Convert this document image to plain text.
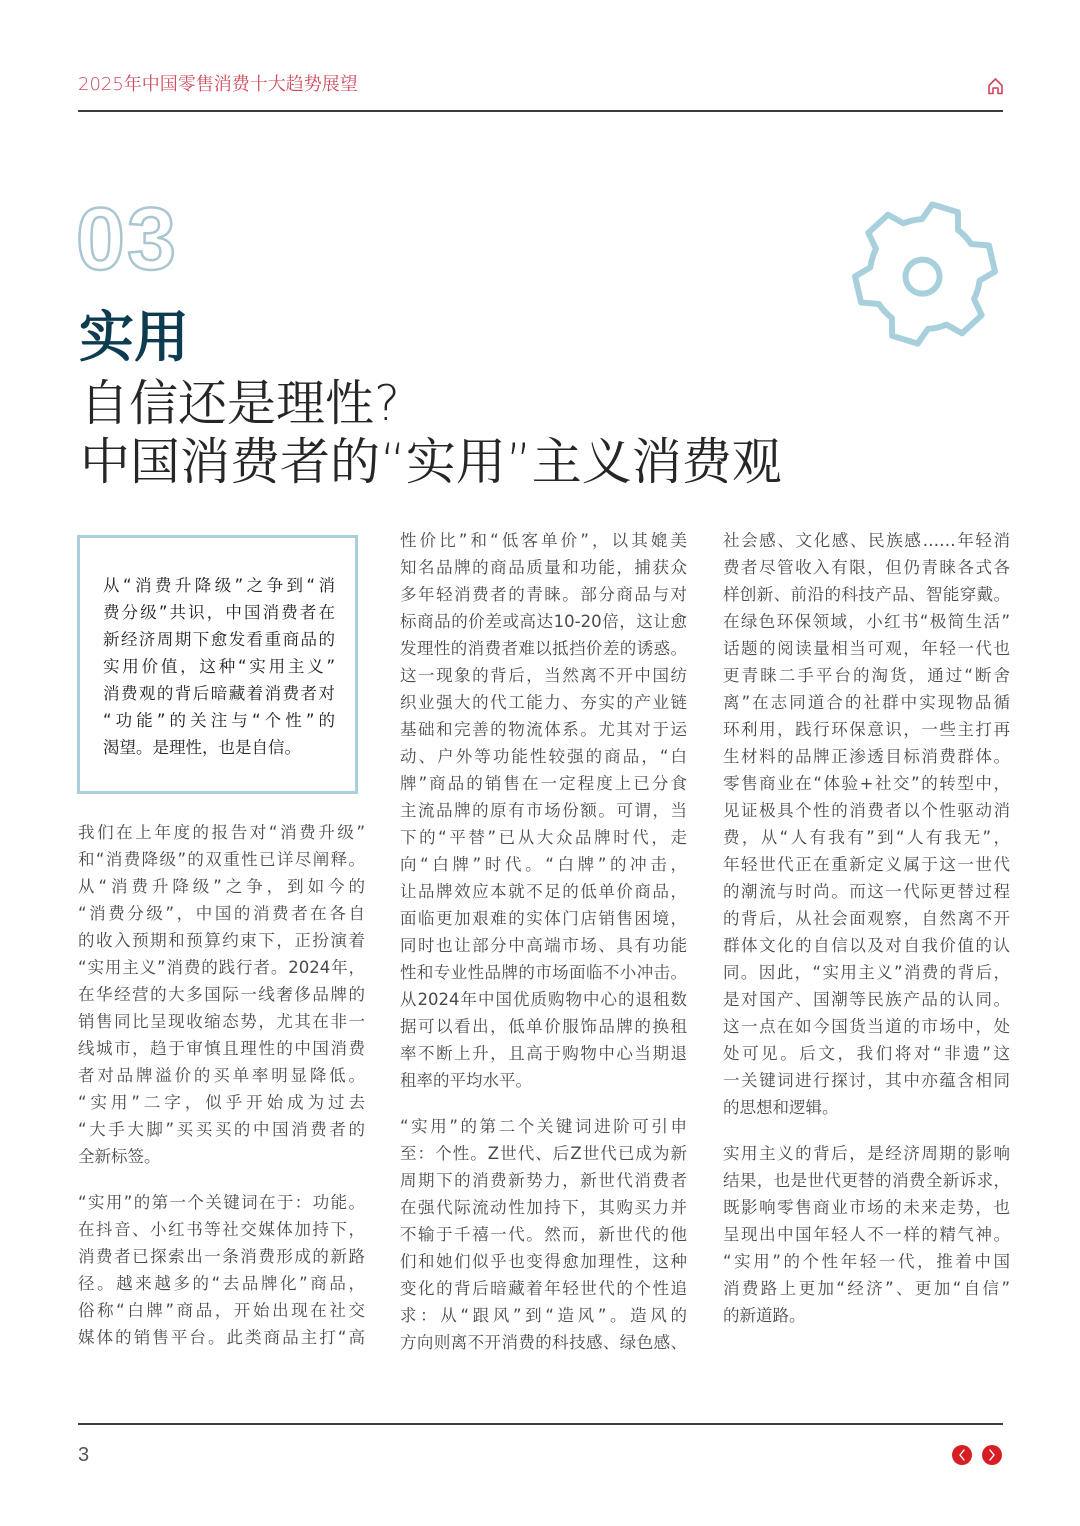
2025年中国零售消费十大趋势展望
03
实用
自信还是理性?
中国消费者的“实用”主义消费观
从“消费升降级”之争到“消
费分级”共识，中国消费者在
新经济周期下愈发看重商品的
实用价值，这种“实用主义”
消费观的背后暗藏着消费者对
“功能”的关注与“个性”的
渴望。是理性，也是自信。
我们在上年度的报告对“消费升级”
和“消费降级”的双重性已详尽阐释。
从“消费升降级”之争，到如今的
“消费分级”，中国的消费者在各自
的收入预期和预算约束下，正扮演着
“实用主义”消费的践行者。2024年，
在华经营的大多国际一线奢侈品牌的
销售同比呈现收缩态势，尤其在非一
线城市，趋于审慎且理性的中国消费
者对品牌溢价的买单率明显降低。
“实用”二字，似乎开始成为过去
“大手大脚”买买买的中国消费者的
全新标签。
“实用”的第一个关键词在于：功能。
在抖音、小红书等社交媒体加持下，
消费者已探索出一条消费形成的新路
径。越来越多的“去品牌化”商品，
俗称“白牌”商品，开始出现在社交
媒体的销售平台。此类商品主打“高
性价比”和“低客单价”，以其媲美
知名品牌的商品质量和功能，捕获众
多年轻消费者的青睐。部分商品与对
标商品的价差或高达10-20倍，这让愈
发理性的消费者难以抵挡价差的诱惑。
这一现象的背后，当然离不开中国纺
织业强大的代工能力、夯实的产业链
基础和完善的物流体系。尤其对于运
动、户外等功能性较强的商品，“白
牌”商品的销售在一定程度上已分食
主流品牌的原有市场份额。可谓，当
下的“平替”已从大众品牌时代，走
向“白牌”时代。“白牌”的冲击，
让品牌效应本就不足的低单价商品，
面临更加艰难的实体门店销售困境，
同时也让部分中高端市场、具有功能
性和专业性品牌的市场面临不小冲击。
从2024年中国优质购物中心的退租数
据可以看出，低单价服饰品牌的换租
率不断上升，且高于购物中心当期退
租率的平均水平。
“实用”的第二个关键词进阶可引申
至：个性。Z世代、后Z世代已成为新
周期下的消费新势力，新世代消费者
在强代际流动性加持下，其购买力并
不输于千禧一代。然而，新世代的他
们和她们似乎也变得愈加理性，这种
变化的背后暗藏着年轻世代的个性追
求：从“跟风”到“造风”。造风的
方向则离不开消费的科技感、绿色感、
社会感、文化感、民族感……年轻消
费者尽管收入有限，但仍青睐各式各
样创新、前沿的科技产品、智能穿戴。
在绿色环保领域，小红书“极简生活”
话题的阅读量相当可观，年轻一代也
更青睐二手平台的淘货，通过“断舍
离”在志同道合的社群中实现物品循
环利用，践行环保意识，一些主打再
生材料的品牌正渗透目标消费群体。
零售商业在“体验+社交”的转型中，
见证极具个性的消费者以个性驱动消
费，从“人有我有”到“人有我无”，
年轻世代正在重新定义属于这一世代
的潮流与时尚。而这一代际更替过程
的背后，从社会面观察，自然离不开
群体文化的自信以及对自我价值的认
同。因此，“实用主义”消费的背后，
是对国产、国潮等民族产品的认同。
这一点在如今国货当道的市场中，处
处可见。后文，我们将对“非遗”这
一关键词进行探讨，其中亦蕴含相同
的思想和逻辑。
实用主义的背后，是经济周期的影响
结果，也是世代更替的消费全新诉求，
既影响零售商业市场的未来走势，也
呈现出中国年轻人不一样的精气神。
“实用”的个性年轻一代，推着中国
消费路上更加“经济”、更加“自信”
的新道路。
3
